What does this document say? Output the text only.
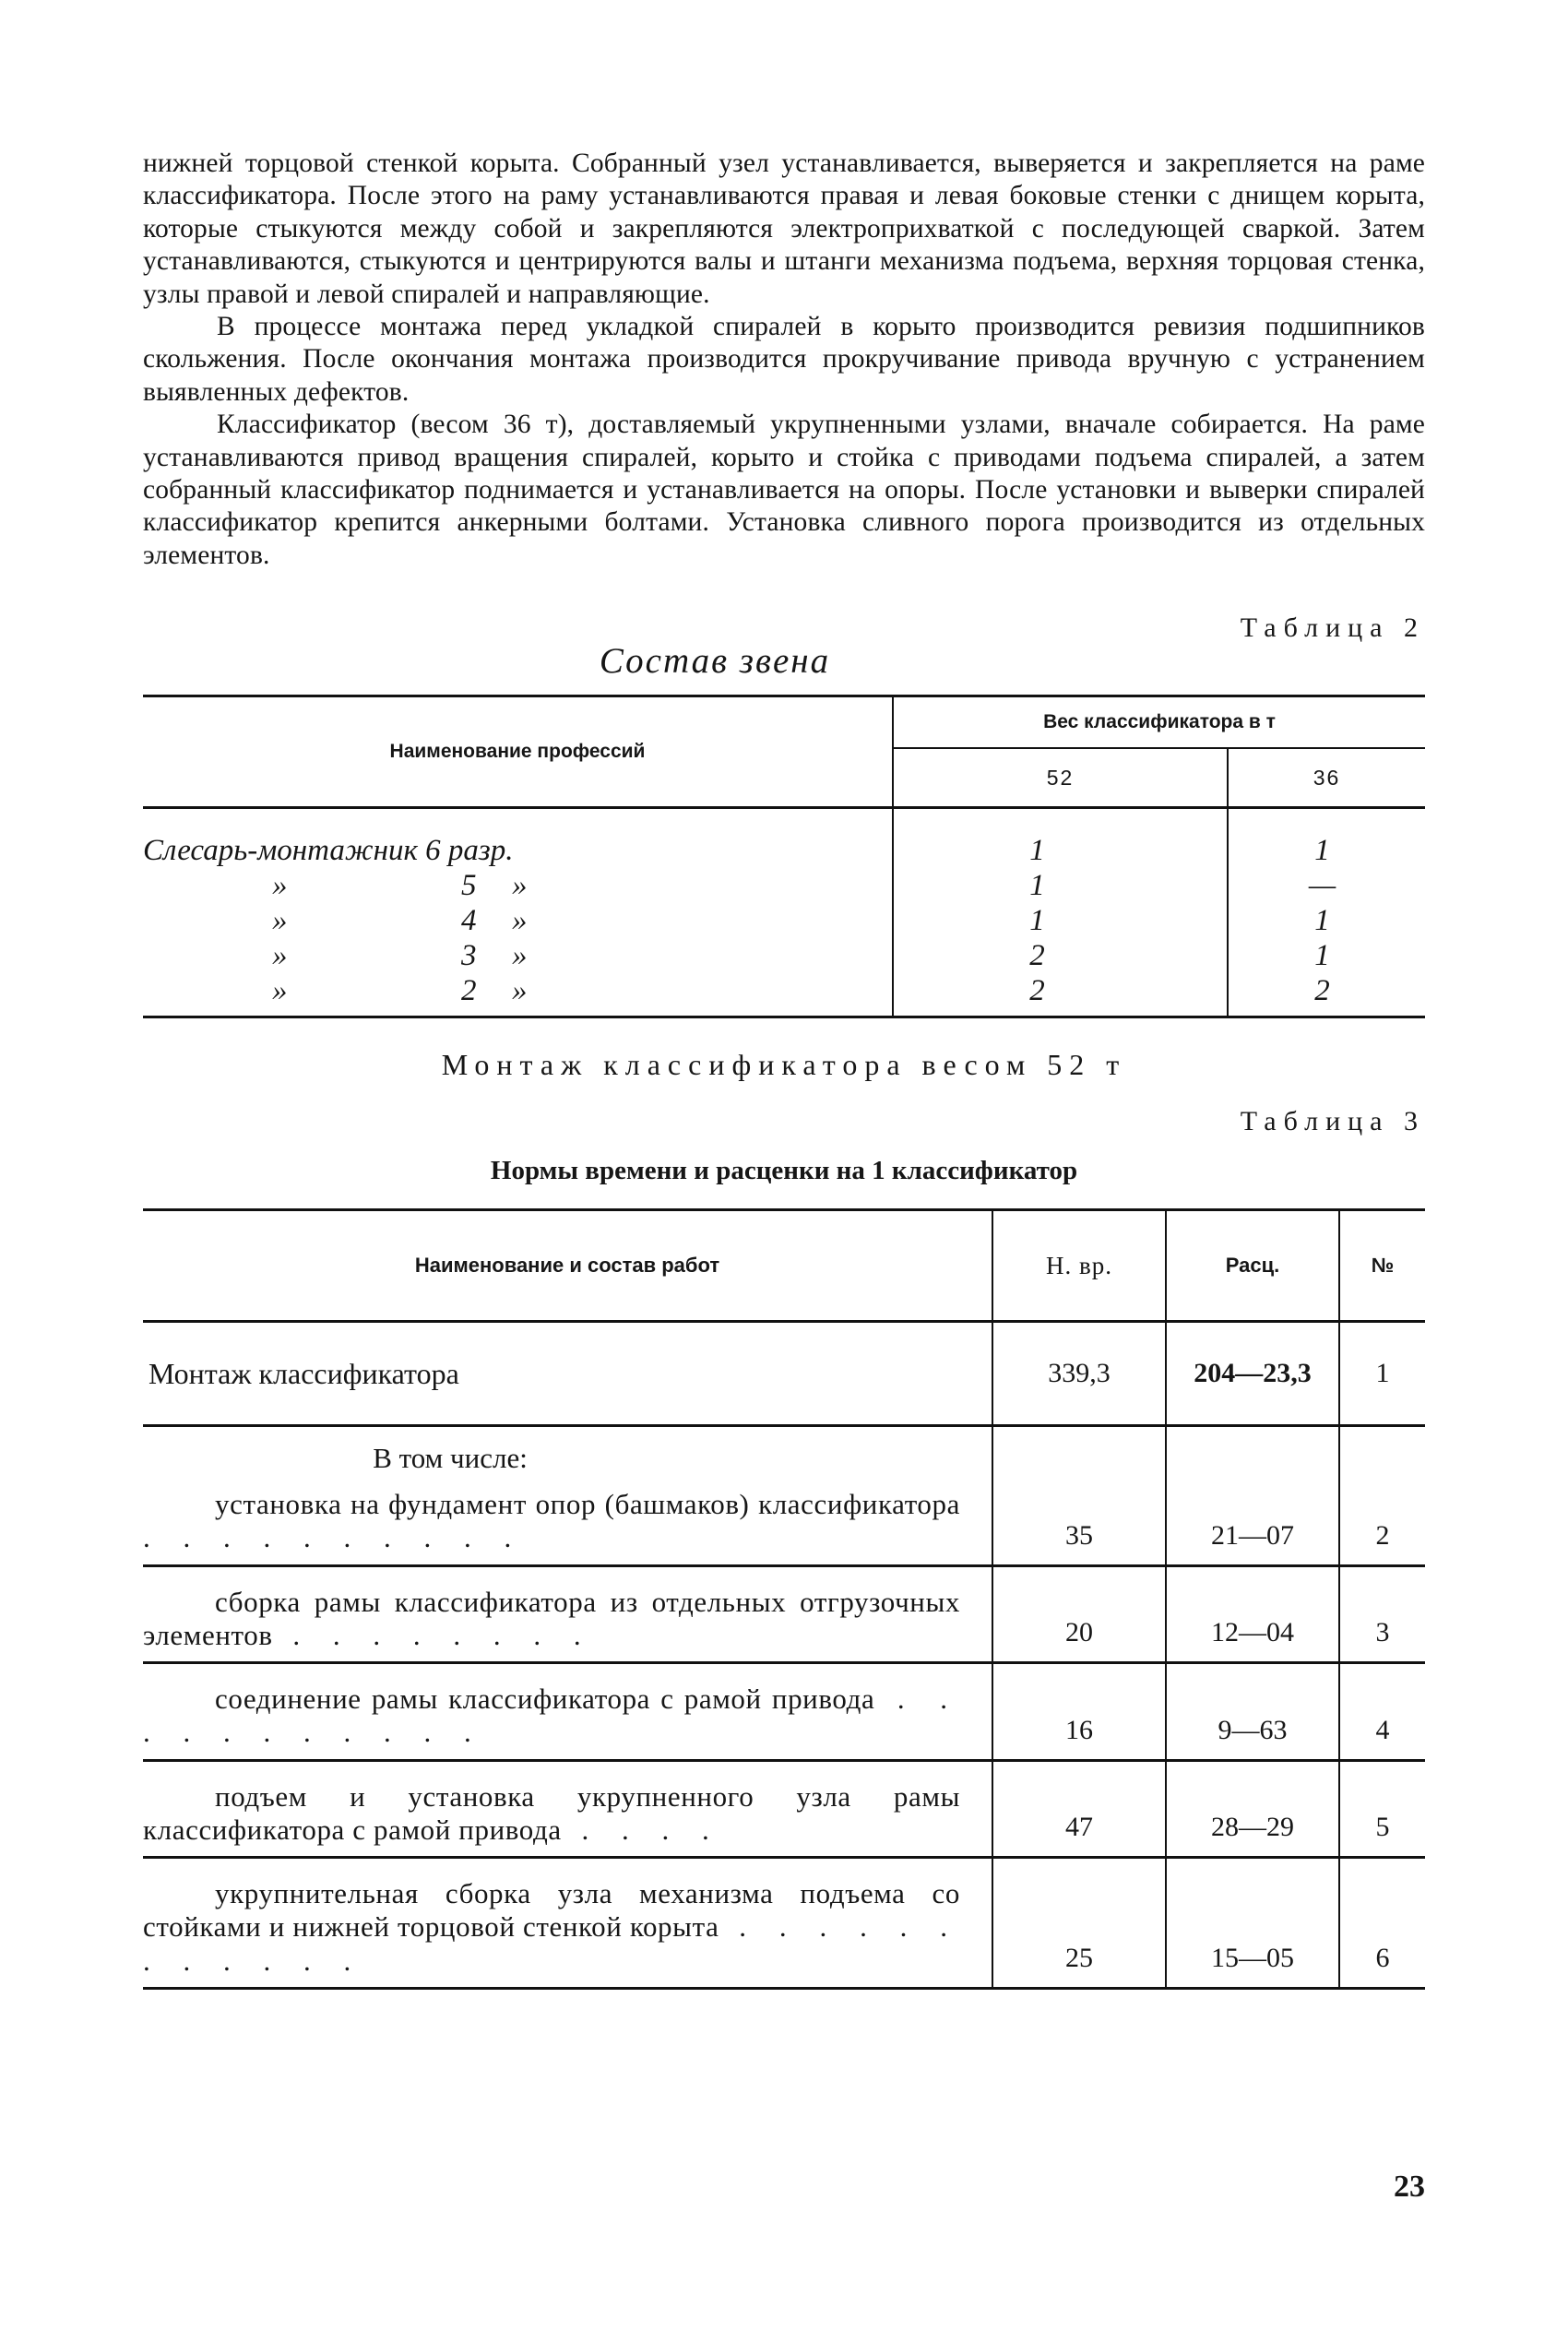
нижней торцовой стенкой корыта. Собранный узел устанавливается, выверяется и закрепляется на раме классификатора. После этого на раму устанавливаются правая и левая боковые стенки с днищем корыта, которые стыкуются между собой и закрепляются электроприхваткой с последующей сваркой. Затем устанавливаются, стыкуются и центрируются валы и штанги механизма подъема, верхняя торцовая стенка, узлы правой и левой спиралей и направляющие.

В процессе монтажа перед укладкой спиралей в корыто производится ревизия подшипников скольжения. После окончания монтажа производится прокручивание привода вручную с устранением выявленных дефектов.

Классификатор (весом 36 т), доставляемый укрупненными узлами, вначале собирается. На раме устанавливаются привод вращения спиралей, корыто и стойка с приводами подъема спиралей, а затем собранный классификатор поднимается и устанавливается на опоры. После установки и выверки спиралей классификатор крепится анкерными болтами. Установка сливного порога производится из отдельных элементов.

Таблица 2
Состав звена
Наименование профессий	Вес классификатора в т	
	52	36
Слесарь-монтажник 6 разр.	1	1

» 5 »	1	—

» 4 »	1	1

» 3 »	2	1

» 2 »	2	2
Монтаж классификатора весом 52 т
Таблица 3
Нормы времени и расценки на 1 классификатор
Наименование и состав работ	Н. вр.	Расц.	№
Монтаж классификатора	339,3	204—23,3	1

В том числе:
установка на фундамент опор (башмаков) классификатора . . . . . . . . . .	35	21—07	2

сборка рамы классификатора из отдельных отгрузочных элементов . . . . . . . .	20	12—04	3

соединение рамы классификатора с рамой привода . . . . . . . . . . .	16	9—63	4

подъем и установка укрупненного узла рамы классификатора с рамой привода . . . .	47	28—29	5

укрупнительная сборка узла механизма подъема со стойками и нижней торцовой стенкой корыта . . . . . . . . . . . .	25	15—05	6
23
